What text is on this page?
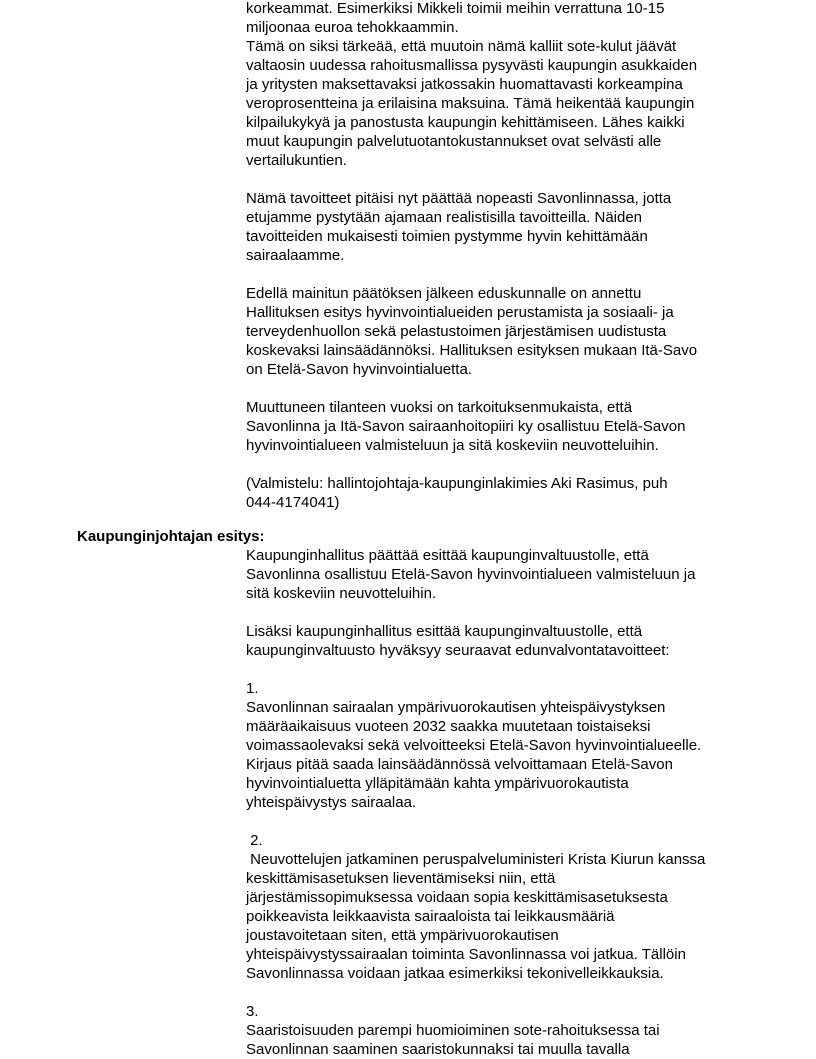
korkeammat. Esimerkiksi Mikkeli toimii meihin verrattuna 10-15
miljoonaa euroa tehokkaammin.
Tämä on siksi tärkeää, että muutoin nämä kalliit sote-kulut jäävät
valtaosin uudessa rahoitusmallissa pysyvästi kaupungin asukkaiden
ja yritysten maksettavaksi jatkossakin huomattavasti korkeampina
veroprosentteina ja erilaisina maksuina. Tämä heikentää kaupungin
kilpailukykyä ja panostusta kaupungin kehittämiseen. Lähes kaikki
muut kaupungin palvelutuotantokustannukset ovat selvästi alle
vertailukuntien.

Nämä tavoitteet pitäisi nyt päättää nopeasti Savonlinnassa, jotta
etujamme pystytään ajamaan realistisilla tavoitteilla. Näiden
tavoitteiden mukaisesti toimien pystymme hyvin kehittämään
sairaalaamme.

Edellä mainitun päätöksen jälkeen eduskunnalle on annettu
Hallituksen esitys hyvinvointialueiden perustamista ja sosiaali- ja
terveydenhuollon sekä pelastustoimen järjestämisen uudistusta
koskevaksi lainsäädännöksi. Hallituksen esityksen mukaan Itä-Savo
on Etelä-Savon hyvinvointialuetta.

Muuttuneen tilanteen vuoksi on tarkoituksenmukaista, että
Savonlinna ja Itä-Savon sairaanhoitopiiri ky osallistuu Etelä-Savon
hyvinvointialueen valmisteluun ja sitä koskeviin neuvotteluihin.

(Valmistelu: hallintojohtaja-kaupunginlakimies Aki Rasimus, puh
044-4174041)

Kaupunginjohtajan esitys:

Kaupunginhallitus päättää esittää kaupunginvaltuustolle, että
Savonlinna osallistuu Etelä-Savon hyvinvointialueen valmisteluun ja
sitä koskeviin neuvotteluihin.

Lisäksi kaupunginhallitus esittää kaupunginvaltuustolle, että
kaupunginvaltuusto hyväksyy seuraavat edunvalvontatavoitteet:

1.
Savonlinnan sairaalan ympärivuorokautisen yhteispäivystyksen
määräaikaisuus vuoteen 2032 saakka muutetaan toistaiseksi
voimassaolevaksi sekä velvoitteeksi Etelä-Savon hyvinvointialueelle.
Kirjaus pitää saada lainsäädännössä velvoittamaan Etelä-Savon
hyvinvointialuetta ylläpitämään kahta ympärivuorokautista
yhteispäivystys sairaalaa.

2.
Neuvottelujen jatkaminen peruspalveluministeri Krista Kiurun kanssa
keskittämisasetuksen lieventämiseksi niin, että
järjestämissopimuksessa voidaan sopia keskittämisasetuksesta
poikkeavista leikkaavista sairaaloista tai leikkausmääriä
joustavoitetaan siten, että ympärivuorokautisen
yhteispäivystyssairaalan toiminta Savonlinnassa voi jatkua. Tällöin
Savonlinnassa voidaan jatkaa esimerkiksi tekonivelleikkauksia.

3.
Saaristoisuuden parempi huomioiminen sote-rahoituksessa tai
Savonlinnan saaminen saaristokunnaksi tai muulla tavalla
